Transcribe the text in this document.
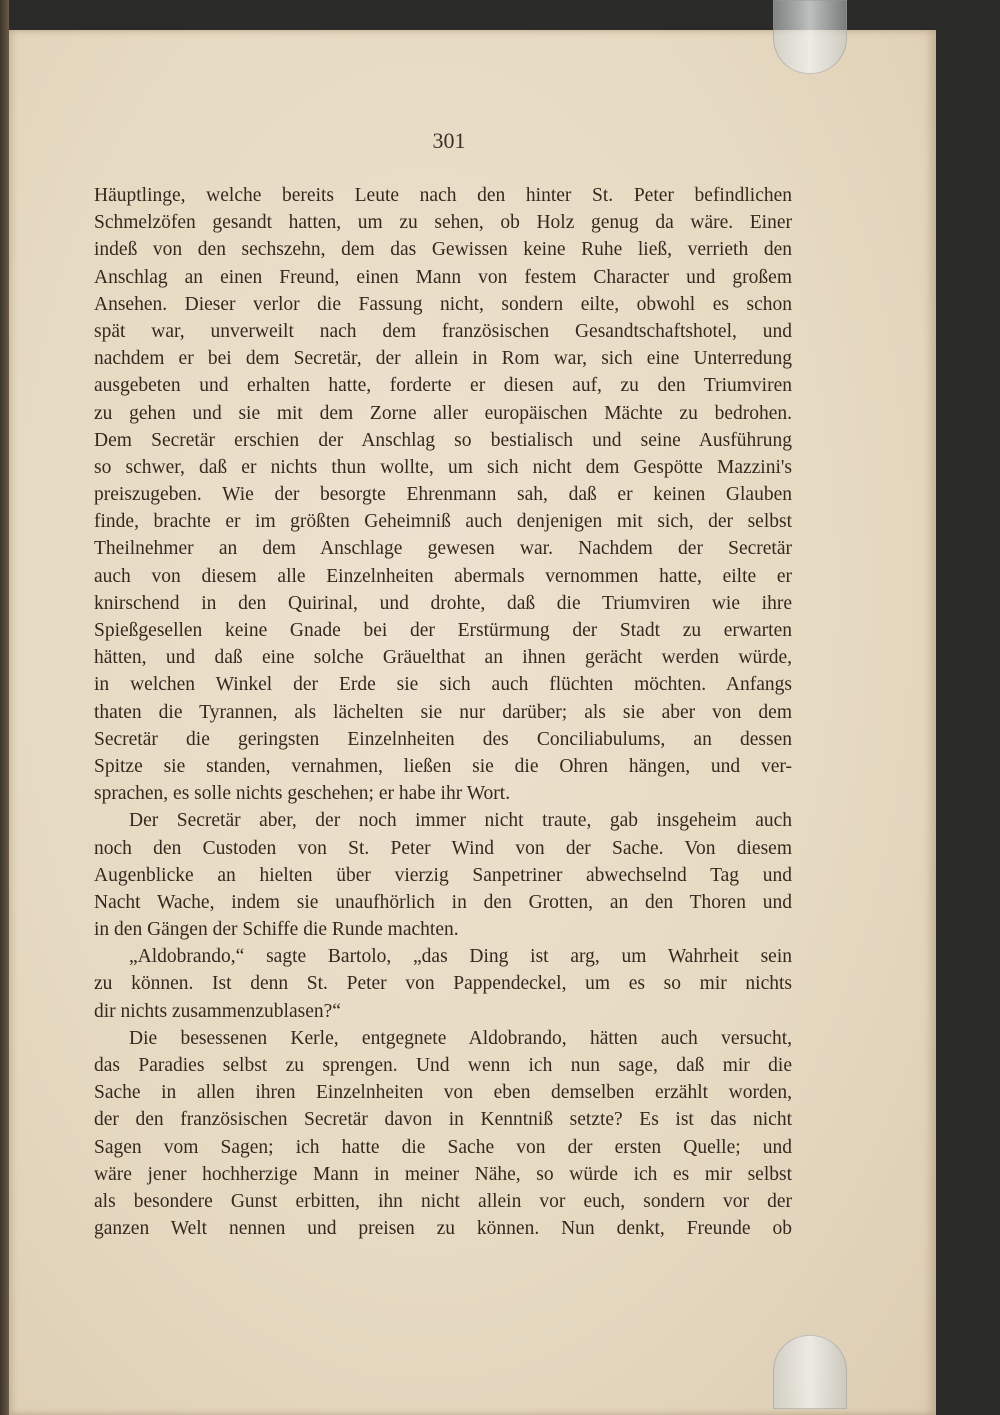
301
Häuptlinge, welche bereits Leute nach den hinter St. Peter befindlichen
Schmelzöfen gesandt hatten, um zu sehen, ob Holz genug da wäre. Einer
indeß von den sechszehn, dem das Gewissen keine Ruhe ließ, verrieth den
Anschlag an einen Freund, einen Mann von festem Character und großem
Ansehen. Dieser verlor die Fassung nicht, sondern eilte, obwohl es schon
spät war, unverweilt nach dem französischen Gesandtschaftshotel, und
nachdem er bei dem Secretär, der allein in Rom war, sich eine Unterredung
ausgebeten und erhalten hatte, forderte er diesen auf, zu den Triumviren
zu gehen und sie mit dem Zorne aller europäischen Mächte zu bedrohen.
Dem Secretär erschien der Anschlag so bestialisch und seine Ausführung
so schwer, daß er nichts thun wollte, um sich nicht dem Gespötte Mazzini's
preiszugeben. Wie der besorgte Ehrenmann sah, daß er keinen Glauben
finde, brachte er im größten Geheimniß auch denjenigen mit sich, der selbst
Theilnehmer an dem Anschlage gewesen war. Nachdem der Secretär
auch von diesem alle Einzelnheiten abermals vernommen hatte, eilte er
knirschend in den Quirinal, und drohte, daß die Triumviren wie ihre
Spießgesellen keine Gnade bei der Erstürmung der Stadt zu erwarten
hätten, und daß eine solche Gräuelthat an ihnen gerächt werden würde,
in welchen Winkel der Erde sie sich auch flüchten möchten. Anfangs
thaten die Tyrannen, als lächelten sie nur darüber; als sie aber von dem
Secretär die geringsten Einzelnheiten des Conciliabulums, an dessen
Spitze sie standen, vernahmen, ließen sie die Ohren hängen, und ver-
sprachen, es solle nichts geschehen; er habe ihr Wort.
Der Secretär aber, der noch immer nicht traute, gab insgeheim auch
noch den Custoden von St. Peter Wind von der Sache. Von diesem
Augenblicke an hielten über vierzig Sanpetriner abwechselnd Tag und
Nacht Wache, indem sie unaufhörlich in den Grotten, an den Thoren und
in den Gängen der Schiffe die Runde machten.
„Aldobrando,“ sagte Bartolo, „das Ding ist arg, um Wahrheit sein
zu können. Ist denn St. Peter von Pappendeckel, um es so mir nichts
dir nichts zusammenzublasen?“
Die besessenen Kerle, entgegnete Aldobrando, hätten auch versucht,
das Paradies selbst zu sprengen. Und wenn ich nun sage, daß mir die
Sache in allen ihren Einzelnheiten von eben demselben erzählt worden,
der den französischen Secretär davon in Kenntniß setzte? Es ist das nicht
Sagen vom Sagen; ich hatte die Sache von der ersten Quelle; und
wäre jener hochherzige Mann in meiner Nähe, so würde ich es mir selbst
als besondere Gunst erbitten, ihn nicht allein vor euch, sondern vor der
ganzen Welt nennen und preisen zu können. Nun denkt, Freunde ob
